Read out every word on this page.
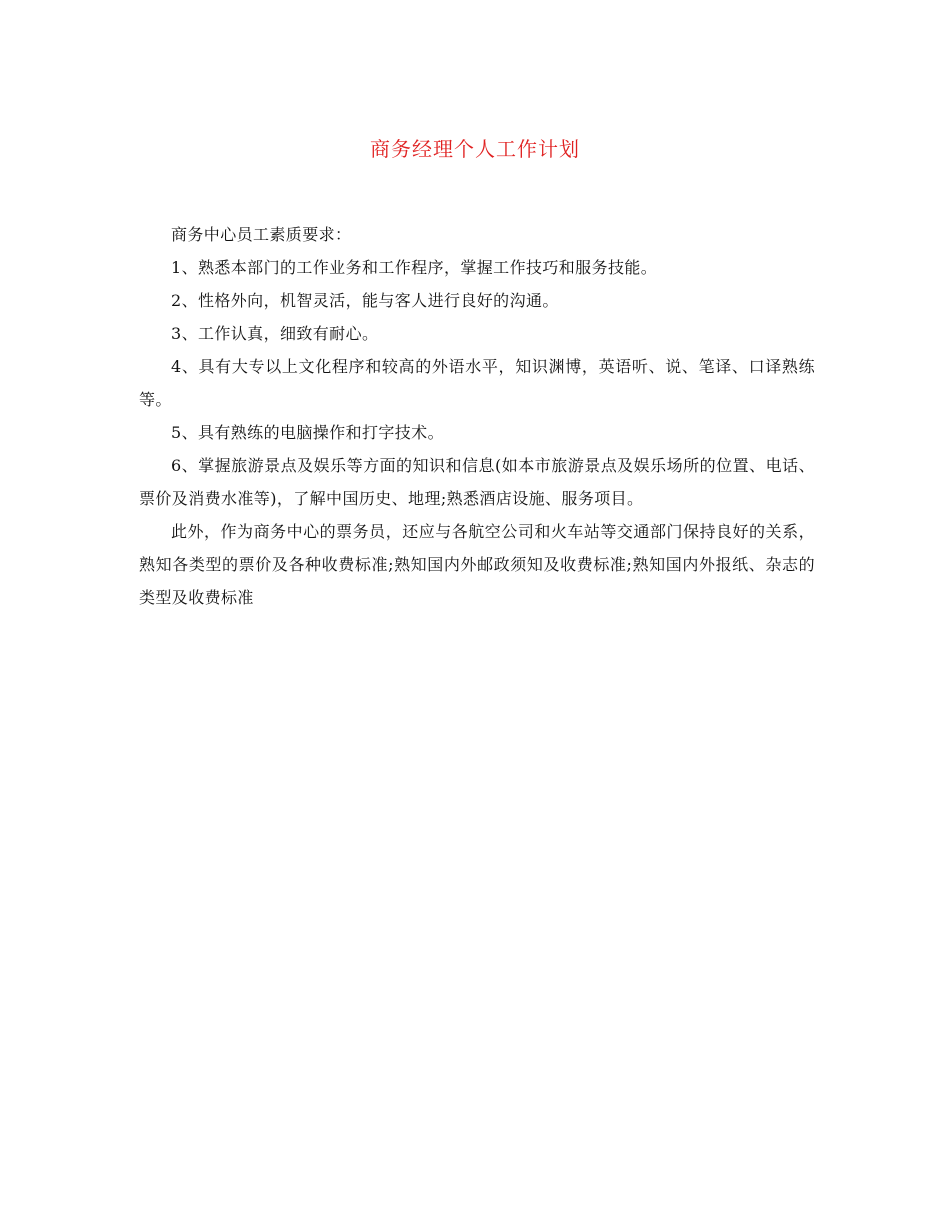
商务经理个人工作计划

商务中心员工素质要求：

1、熟悉本部门的工作业务和工作程序，掌握工作技巧和服务技能。

2、性格外向，机智灵活，能与客人进行良好的沟通。

3、工作认真，细致有耐心。

4、具有大专以上文化程序和较高的外语水平，知识渊博，英语听、说、笔译、口译熟练等。

5、具有熟练的电脑操作和打字技术。

6、掌握旅游景点及娱乐等方面的知识和信息(如本市旅游景点及娱乐场所的位置、电话、票价及消费水准等)，了解中国历史、地理;熟悉酒店设施、服务项目。

此外，作为商务中心的票务员，还应与各航空公司和火车站等交通部门保持良好的关系，熟知各类型的票价及各种收费标准;熟知国内外邮政须知及收费标准;熟知国内外报纸、杂志的类型及收费标准
